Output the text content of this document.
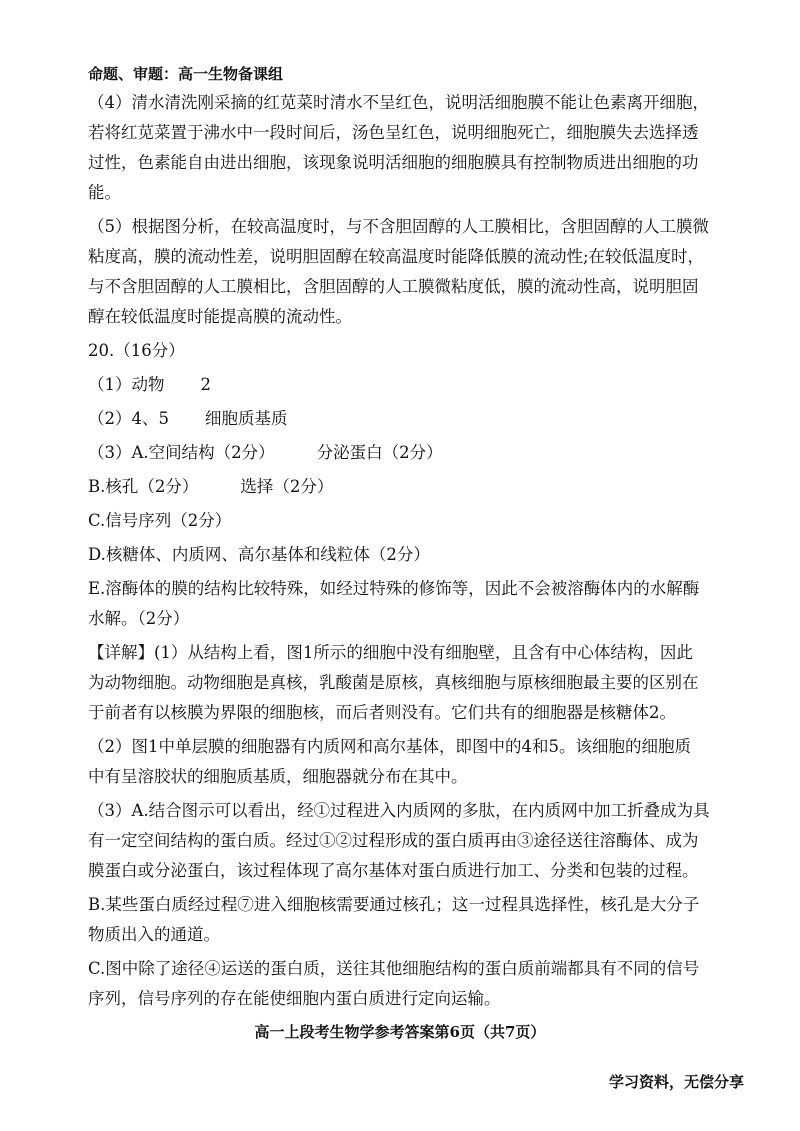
命题、审题：高一生物备课组
（4）清水清洗刚采摘的红苋菜时清水不呈红色，说明活细胞膜不能让色素离开细胞，
若将红苋菜置于沸水中一段时间后，汤色呈红色，说明细胞死亡，细胞膜失去选择透
过性，色素能自由进出细胞，该现象说明活细胞的细胞膜具有控制物质进出细胞的功
能。
（5）根据图分析，在较高温度时，与不含胆固醇的人工膜相比，含胆固醇的人工膜微
粘度高，膜的流动性差，说明胆固醇在较高温度时能降低膜的流动性;在较低温度时，
与不含胆固醇的人工膜相比，含胆固醇的人工膜微粘度低，膜的流动性高，说明胆固
醇在较低温度时能提高膜的流动性。
20.（16分）
（1）动物 2
（2）4、5 细胞质基质
（3）A.空间结构（2分）	分泌蛋白（2分）
B.核孔（2分）	选择（2分）
C.信号序列（2分）
D.核糖体、内质网、高尔基体和线粒体（2分）
E.溶酶体的膜的结构比较特殊，如经过特殊的修饰等，因此不会被溶酶体内的水解酶
水解。（2分）
【详解】(1）从结构上看，图1所示的细胞中没有细胞壁，且含有中心体结构，因此
为动物细胞。动物细胞是真核，乳酸菌是原核，真核细胞与原核细胞最主要的区别在
于前者有以核膜为界限的细胞核，而后者则没有。它们共有的细胞器是核糖体2。
（2）图1中单层膜的细胞器有内质网和高尔基体，即图中的4和5。该细胞的细胞质
中有呈溶胶状的细胞质基质，细胞器就分布在其中。
（3）A.结合图示可以看出，经①过程进入内质网的多肽，在内质网中加工折叠成为具
有一定空间结构的蛋白质。经过①②过程形成的蛋白质再由③途径送往溶酶体、成为
膜蛋白或分泌蛋白，该过程体现了高尔基体对蛋白质进行加工、分类和包装的过程。
B.某些蛋白质经过程⑦进入细胞核需要通过核孔；这一过程具选择性，核孔是大分子
物质出入的通道。
C.图中除了途径④运送的蛋白质，送往其他细胞结构的蛋白质前端都具有不同的信号
序列，信号序列的存在能使细胞内蛋白质进行定向运输。
高一上段考生物学参考答案第6页（共7页）
学习资料，无偿分享
